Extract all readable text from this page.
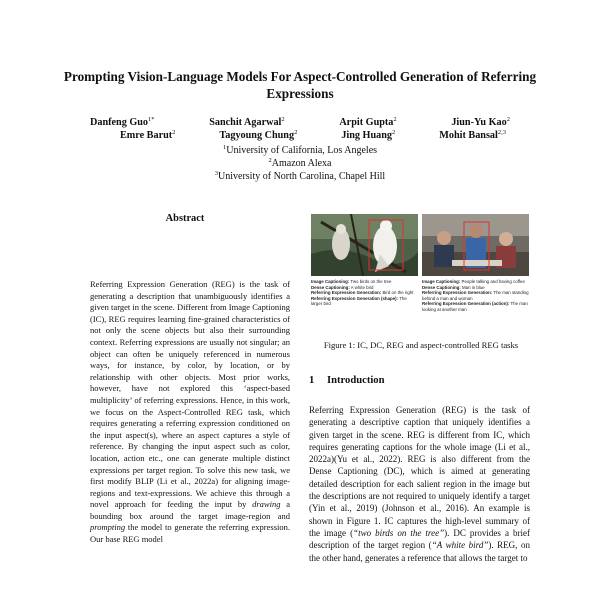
Prompting Vision-Language Models For Aspect-Controlled Generation of Referring Expressions
Danfeng Guo$^{1*}$	Sanchit Agarwal$^2$	Arpit Gupta$^2$	Jiun-Yu Kao$^2$
Emre Barut$^2$	Tagyoung Chung$^2$	Jing Huang$^2$	Mohit Bansal$^{2,3}$
$^1$University of California, Los Angeles
$^2$Amazon Alexa
$^3$University of North Carolina, Chapel Hill
Abstract
Referring Expression Generation (REG) is the task of generating a description that unambiguously identifies a given target in the scene. Different from Image Captioning (IC), REG requires learning fine-grained characteristics of not only the scene objects but also their surrounding context. Referring expressions are usually not singular; an object can often be uniquely referenced in numerous ways, for instance, by color, by location, or by relationship with other objects. Most prior works, however, have not explored this ‘aspect-based multiplicity’ of referring expressions. Hence, in this work, we focus on the Aspect-Controlled REG task, which requires generating a referring expression conditioned on the input aspect(s), where an aspect captures a style of reference. By changing the input aspect such as color, location, action etc., one can generate multiple distinct expressions per target region. To solve this new task, we first modify BLIP (Li et al., 2022a) for aligning image-regions and text-expressions. We achieve this through a novel approach for feeding the input by drawing a bounding box around the target image-region and prompting the model to generate the referring expression. Our base REG model
Image Captioning: Two birds on the tree
Dense Captioning: A white bird
Referring Expression Generation: Bird on the right
Referring Expression Generation (shape): The larger bird
Image Captioning: People talking and having coffee
Dense Captioning: Man in blue
Referring Expression Generation: The man standing behind a man and woman
Referring Expression Generation (action): The man looking at another man
Figure 1: IC, DC, REG and aspect-controlled REG tasks
1 Introduction
Referring Expression Generation (REG) is the task of generating a descriptive caption that uniquely identifies a given target in the scene. REG is different from IC, which requires generating captions for the whole image (Li et al., 2022a)(Yu et al., 2022). REG is also different from the Dense Captioning (DC), which is aimed at generating detailed description for each salient region in the image but the descriptions are not required to uniquely identify a target (Yin et al., 2019) (Johnson et al., 2016). An example is shown in Figure 1. IC captures the high-level summary of the image (“two birds on the tree”). DC provides a brief description of the target region (“A white bird”). REG, on the other hand, generates a reference that allows the target to
